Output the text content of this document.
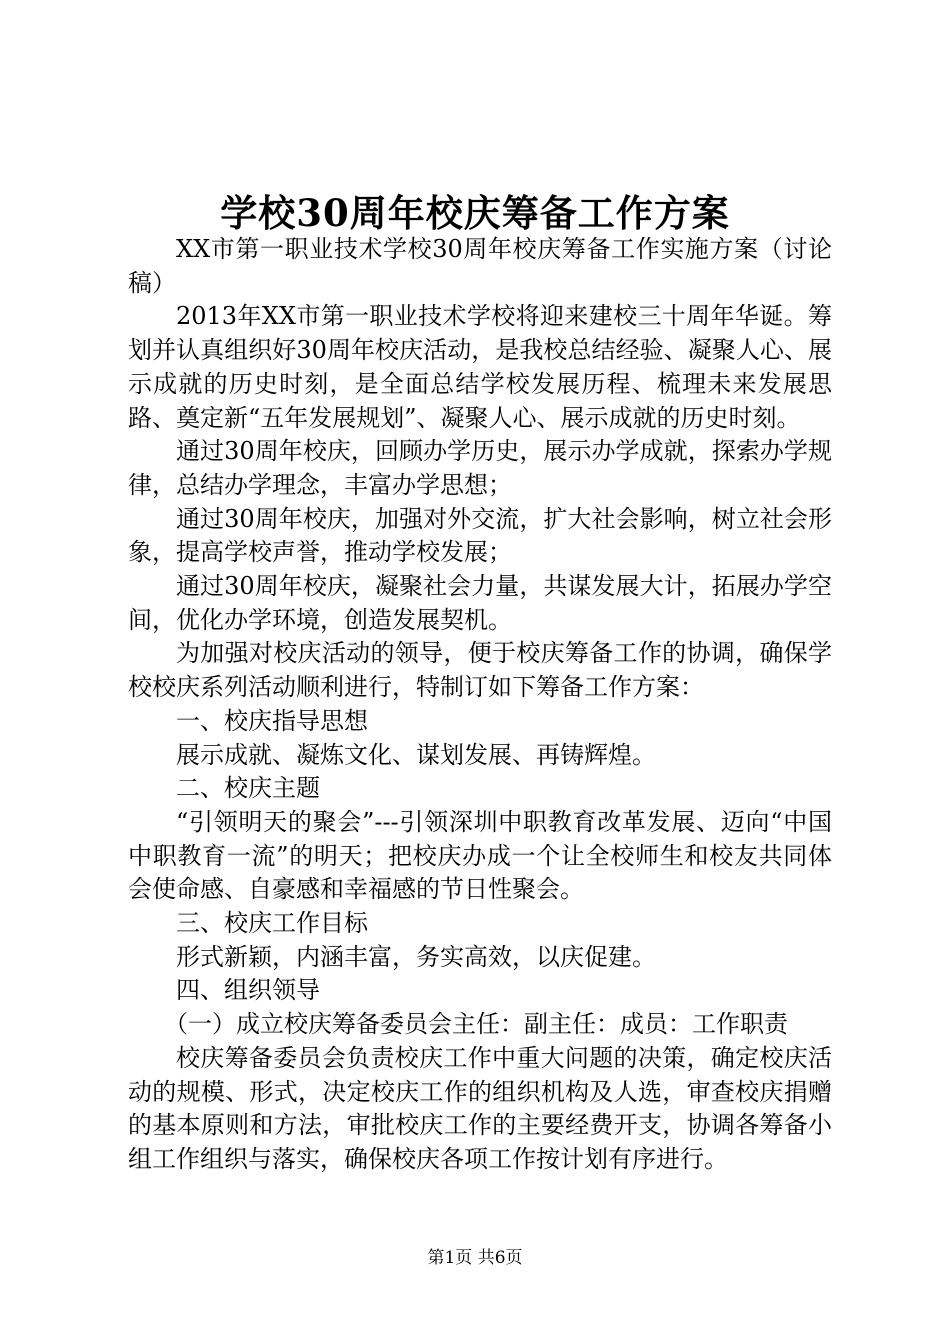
学校30周年校庆筹备工作方案

XX市第一职业技术学校30周年校庆筹备工作实施方案（讨论稿）

2013年XX市第一职业技术学校将迎来建校三十周年华诞。筹划并认真组织好30周年校庆活动，是我校总结经验、凝聚人心、展示成就的历史时刻，是全面总结学校发展历程、梳理未来发展思路、奠定新“五年发展规划”、凝聚人心、展示成就的历史时刻。

通过30周年校庆，回顾办学历史，展示办学成就，探索办学规律，总结办学理念，丰富办学思想；

通过30周年校庆，加强对外交流，扩大社会影响，树立社会形象，提高学校声誉，推动学校发展；

通过30周年校庆，凝聚社会力量，共谋发展大计，拓展办学空间，优化办学环境，创造发展契机。

为加强对校庆活动的领导，便于校庆筹备工作的协调，确保学校校庆系列活动顺利进行，特制订如下筹备工作方案：

一、校庆指导思想

展示成就、凝炼文化、谋划发展、再铸辉煌。

二、校庆主题

“引领明天的聚会”---引领深圳中职教育改革发展、迈向“中国中职教育一流”的明天；把校庆办成一个让全校师生和校友共同体会使命感、自豪感和幸福感的节日性聚会。

三、校庆工作目标

形式新颖，内涵丰富，务实高效，以庆促建。

四、组织领导

（一）成立校庆筹备委员会主任：副主任：成员：工作职责

校庆筹备委员会负责校庆工作中重大问题的决策，确定校庆活动的规模、形式，决定校庆工作的组织机构及人选，审查校庆捐赠的基本原则和方法，审批校庆工作的主要经费开支，协调各筹备小组工作组织与落实，确保校庆各项工作按计划有序进行。

第1页 共6页
